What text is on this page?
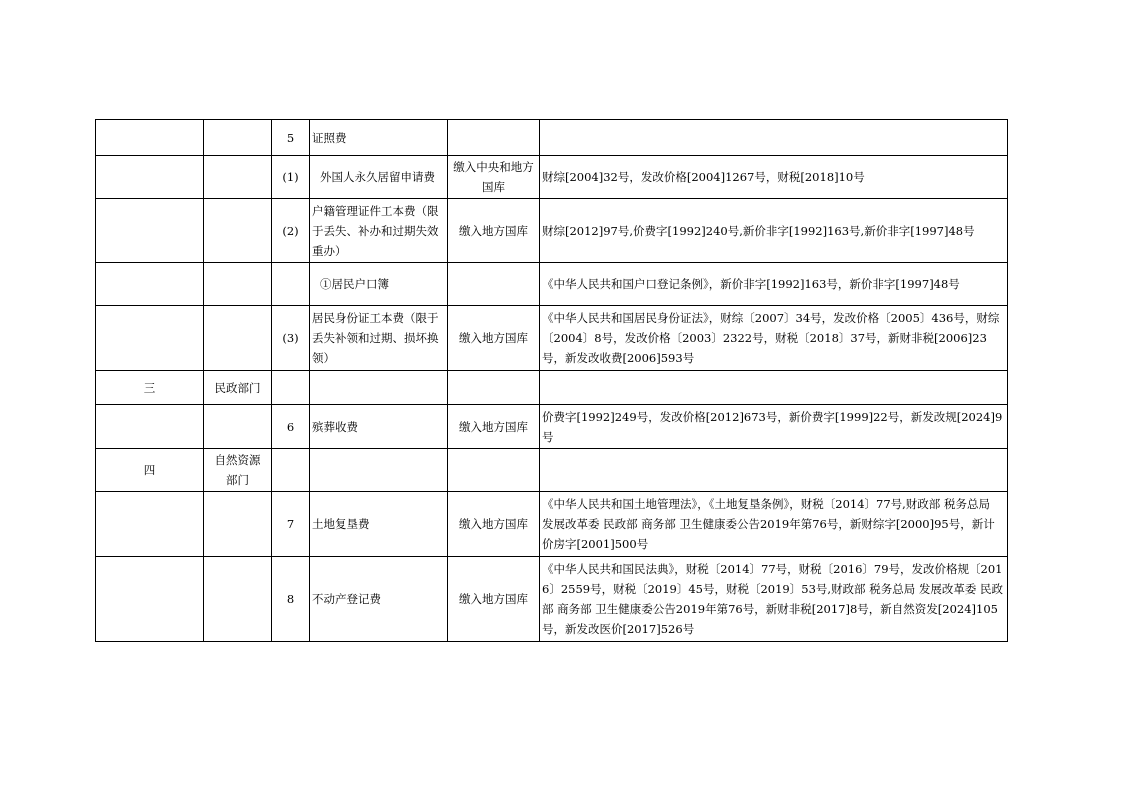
		5	证照费		
		(1)	外国人永久居留申请费	缴入中央和地方国库	财综[2004]32号，发改价格[2004]1267号，财税[2018]10号

		(2)	户籍管理证件工本费（限于丢失、补办和过期失效重办）	缴入地方国库	财综[2012]97号,价费字[1992]240号,新价非字[1992]163号,新价非字[1997]48号

			①居民户口簿		《中华人民共和国户口登记条例》，新价非字[1992]163号，新价非字[1997]48号

		(3)	居民身份证工本费（限于丢失补领和过期、损坏换领）	缴入地方国库	《中华人民共和国居民身份证法》，财综〔2007〕34号，发改价格〔2005〕436号，财综〔2004〕8号，发改价格〔2003〕2322号，财税〔2018〕37号，新财非税[2006]23号，新发改收费[2006]593号

三	民政部门				
		6	殡葬收费	缴入地方国库	价费字[1992]249号，发改价格[2012]673号，新价费字[1999]22号，新发改规[2024]9号

四	自然资源部门				

		7	土地复垦费	缴入地方国库	《中华人民共和国土地管理法》，《土地复垦条例》，财税〔2014〕77号,财政部 税务总局 发展改革委 民政部 商务部 卫生健康委公告2019年第76号，新财综字[2000]95号，新计价房字[2001]500号

		8	不动产登记费	缴入地方国库	《中华人民共和国民法典》，财税〔2014〕77号，财税〔2016〕79号，发改价格规〔2016〕2559号，财税〔2019〕45号，财税〔2019〕53号,财政部 税务总局 发展改革委 民政部 商务部 卫生健康委公告2019年第76号，新财非税[2017]8号，新自然资发[2024]105号，新发改医价[2017]526号
